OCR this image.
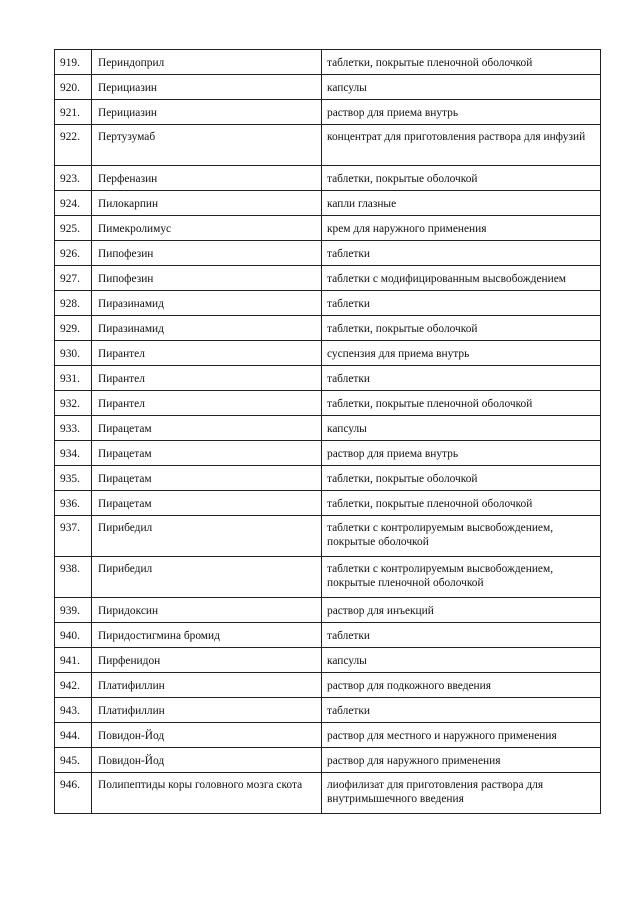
919.	Периндоприл	таблетки, покрытые пленочной оболочкой
920.	Перициазин	капсулы
921.	Перициазин	раствор для приема внутрь
922.	Пертузумаб	концентрат для приготовления раствора для инфузий
923.	Перфеназин	таблетки, покрытые оболочкой
924.	Пилокарпин	капли глазные
925.	Пимекролимус	крем для наружного применения
926.	Пипофезин	таблетки
927.	Пипофезин	таблетки с модифицированным высвобождением
928.	Пиразинамид	таблетки
929.	Пиразинамид	таблетки, покрытые оболочкой
930.	Пирантел	суспензия для приема внутрь
931.	Пирантел	таблетки
932.	Пирантел	таблетки, покрытые пленочной оболочкой
933.	Пирацетам	капсулы
934.	Пирацетам	раствор для приема внутрь
935.	Пирацетам	таблетки, покрытые оболочкой
936.	Пирацетам	таблетки, покрытые пленочной оболочкой
937.	Пирибедил	таблетки с контролируемым высвобождением, покрытые оболочкой
938.	Пирибедил	таблетки с контролируемым высвобождением, покрытые пленочной оболочкой
939.	Пиридоксин	раствор для инъекций
940.	Пиридостигмина бромид	таблетки
941.	Пирфенидон	капсулы
942.	Платифиллин	раствор для подкожного введения
943.	Платифиллин	таблетки
944.	Повидон-Йод	раствор для местного и наружного применения
945.	Повидон-Йод	раствор для наружного применения
946.	Полипептиды коры головного мозга скота	лиофилизат для приготовления раствора для внутримышечного введения
